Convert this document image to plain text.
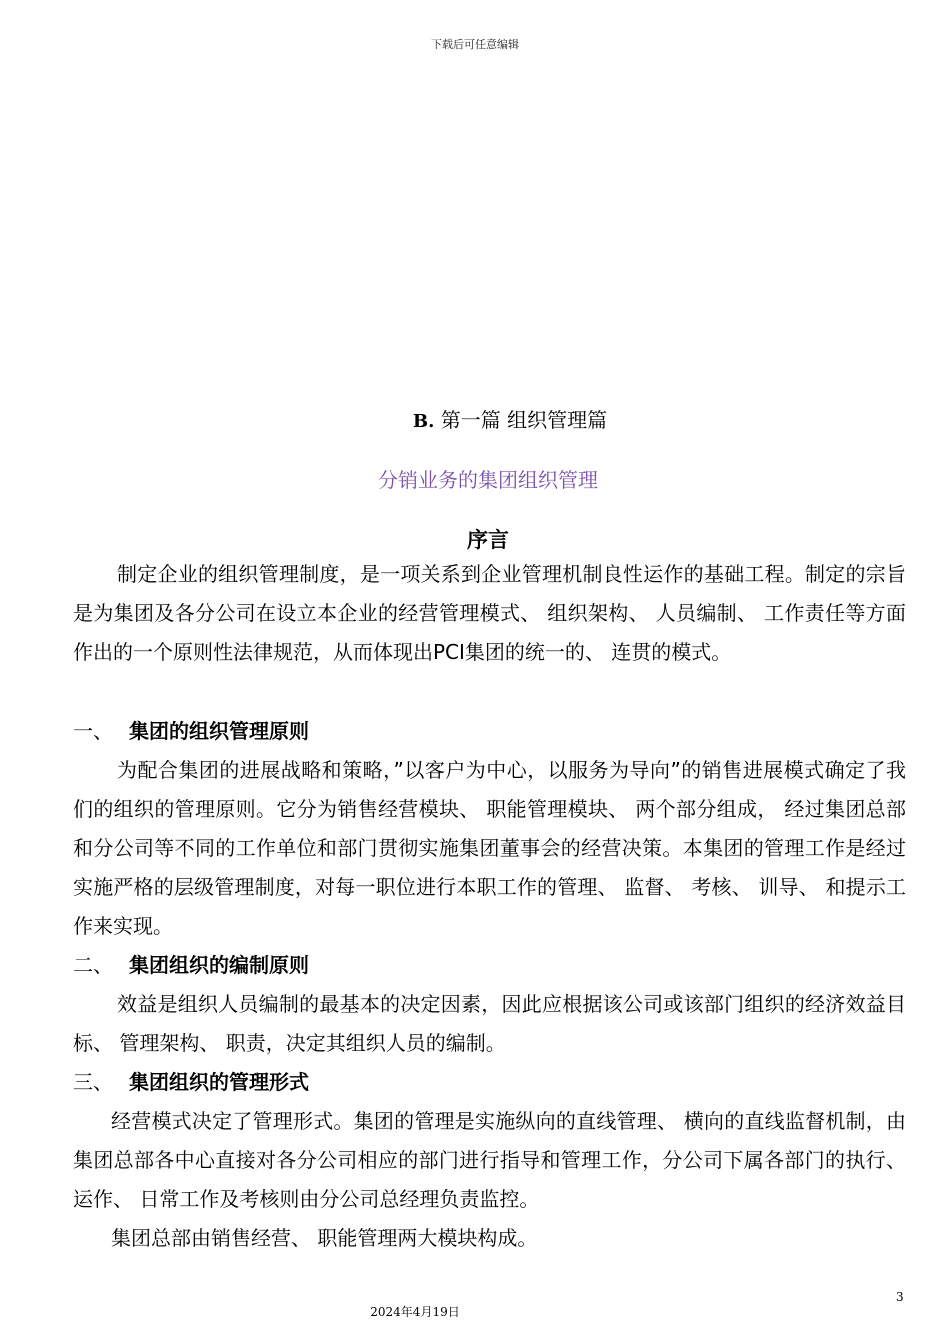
下载后可任意编辑
B. 第一篇 组织管理篇
分销业务的集团组织管理
序言

制定企业的组织管理制度，是一项关系到企业管理机制良性运作的基础工程。制定的宗旨是为集团及各分公司在设立本企业的经营管理模式、 组织架构、 人员编制、 工作责任等方面作出的一个原则性法律规范，从而体现出PCI集团的统一的、 连贯的模式。

一、 集团的组织管理原则

为配合集团的进展战略和策略，”以客户为中心，以服务为导向”的销售进展模式确定了我们的组织的管理原则。它分为销售经营模块、 职能管理模块、 两个部分组成， 经过集团总部和分公司等不同的工作单位和部门贯彻实施集团董事会的经营决策。本集团的管理工作是经过实施严格的层级管理制度，对每一职位进行本职工作的管理、 监督、 考核、 训导、 和提示工作来实现。

二、 集团组织的编制原则

效益是组织人员编制的最基本的决定因素，因此应根据该公司或该部门组织的经济效益目标、 管理架构、 职责，决定其组织人员的编制。

三、 集团组织的管理形式

经营模式决定了管理形式。集团的管理是实施纵向的直线管理、 横向的直线监督机制，由集团总部各中心直接对各分公司相应的部门进行指导和管理工作，分公司下属各部门的执行、 运作、 日常工作及考核则由分公司总经理负责监控。

集团总部由销售经营、 职能管理两大模块构成。

3
2024年4月19日
